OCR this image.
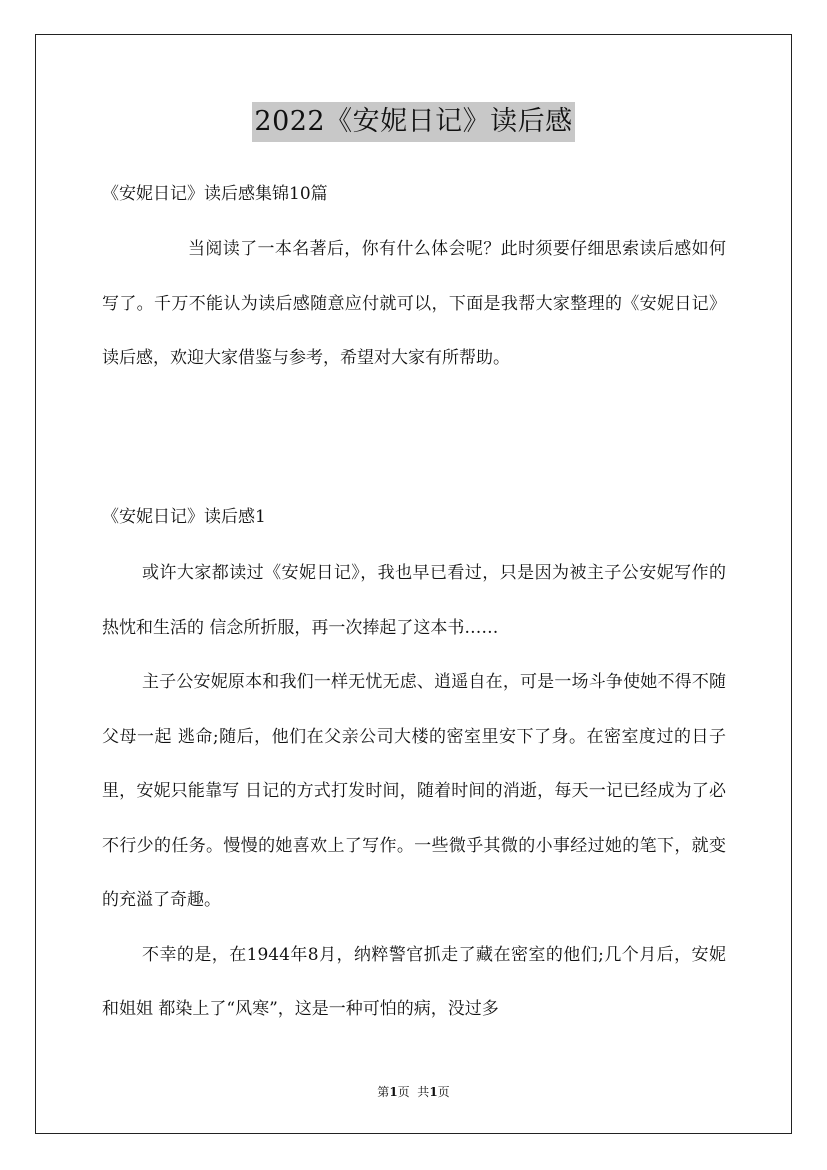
2022《安妮日记》读后感
《安妮日记》读后感集锦10篇

当阅读了一本名著后，你有什么体会呢？此时须要仔细思索读后感如何写了。千万不能认为读后感随意应付就可以，下面是我帮大家整理的《安妮日记》读后感，欢迎大家借鉴与参考，希望对大家有所帮助。

《安妮日记》读后感1

或许大家都读过《安妮日记》，我也早已看过，只是因为被主子公安妮写作的热忱和生活的 信念所折服，再一次捧起了这本书……

主子公安妮原本和我们一样无忧无虑、逍遥自在，可是一场斗争使她不得不随父母一起 逃命;随后，他们在父亲公司大楼的密室里安下了身。在密室度过的日子里，安妮只能靠写 日记的方式打发时间，随着时间的消逝，每天一记已经成为了必不行少的任务。慢慢的她喜欢上了写作。一些微乎其微的小事经过她的笔下，就变的充溢了奇趣。

不幸的是，在1944年8月，纳粹警官抓走了藏在密室的他们;几个月后，安妮和姐姐 都染上了“风寒”，这是一种可怕的病，没过多

第1页  共1页
